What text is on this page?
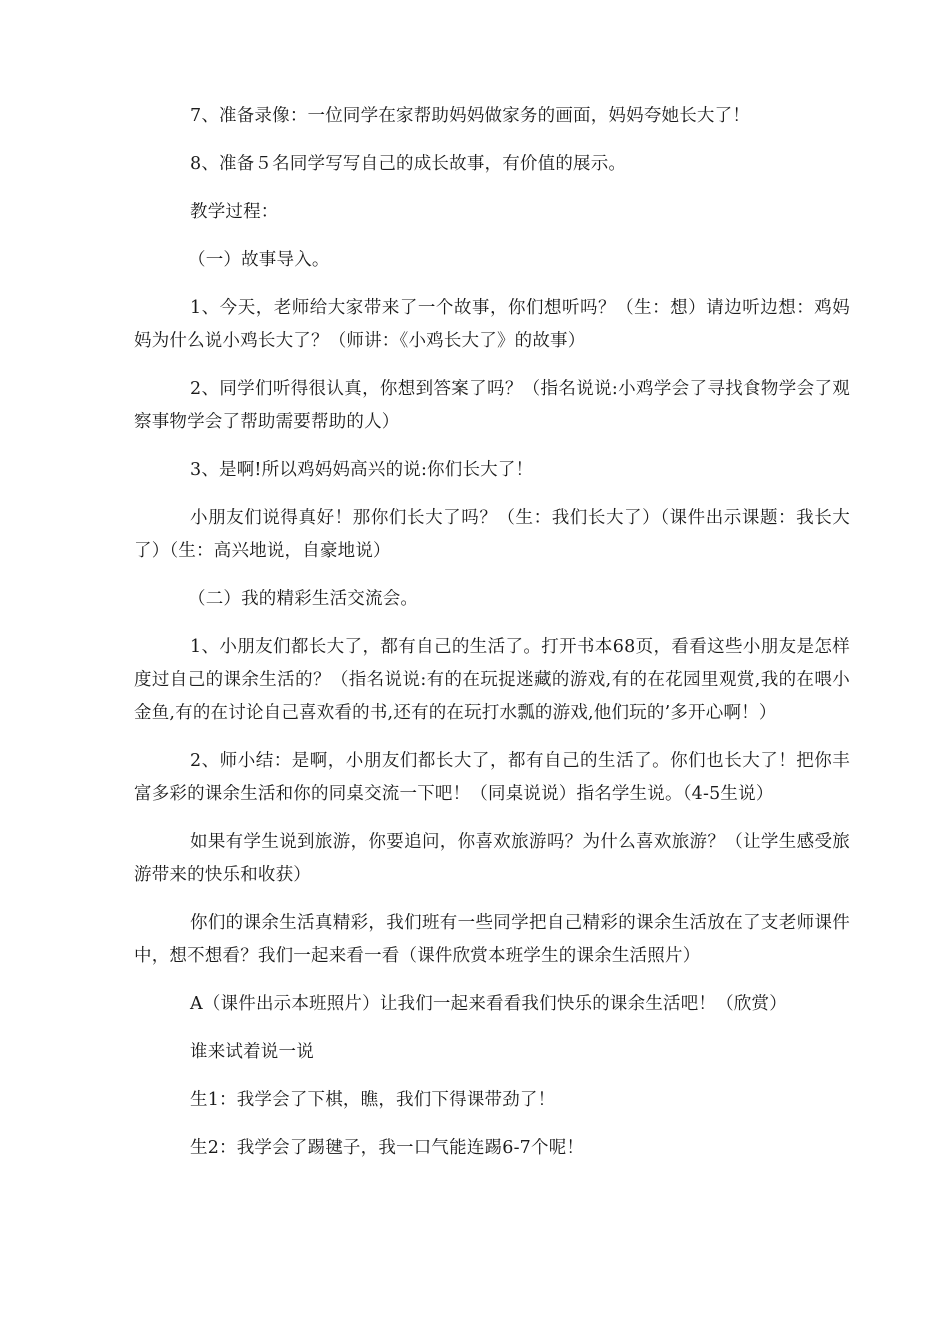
7、准备录像：一位同学在家帮助妈妈做家务的画面，妈妈夸她长大了！

8、准备５名同学写写自己的成长故事，有价值的展示。

教学过程：

（一）故事导入。

1、今天，老师给大家带来了一个故事，你们想听吗？（生：想）请边听边想：鸡妈妈为什么说小鸡长大了？（师讲：《小鸡长大了》的故事）

2、同学们听得很认真，你想到答案了吗？（指名说说:小鸡学会了寻找食物学会了观察事物学会了帮助需要帮助的人）

3、是啊!所以鸡妈妈高兴的说:你们长大了！

小朋友们说得真好！那你们长大了吗？（生：我们长大了）（课件出示课题：我长大了）（生：高兴地说，自豪地说）

（二）我的精彩生活交流会。

1、小朋友们都长大了，都有自己的生活了。打开书本68页，看看这些小朋友是怎样度过自己的课余生活的？（指名说说:有的在玩捉迷藏的游戏,有的在花园里观赏,我的在喂小金鱼,有的在讨论自己喜欢看的书,还有的在玩打水瓢的游戏,他们玩的’多开心啊！）

2、师小结：是啊，小朋友们都长大了，都有自己的生活了。你们也长大了！把你丰富多彩的课余生活和你的同桌交流一下吧！（同桌说说）指名学生说。（4-5生说）

如果有学生说到旅游，你要追问，你喜欢旅游吗？为什么喜欢旅游？（让学生感受旅游带来的快乐和收获）

你们的课余生活真精彩，我们班有一些同学把自己精彩的课余生活放在了支老师课件中，想不想看？我们一起来看一看（课件欣赏本班学生的课余生活照片）

A（课件出示本班照片）让我们一起来看看我们快乐的课余生活吧！（欣赏）

谁来试着说一说

生1：我学会了下棋，瞧，我们下得课带劲了！

生2：我学会了踢毽子，我一口气能连踢6-7个呢！
